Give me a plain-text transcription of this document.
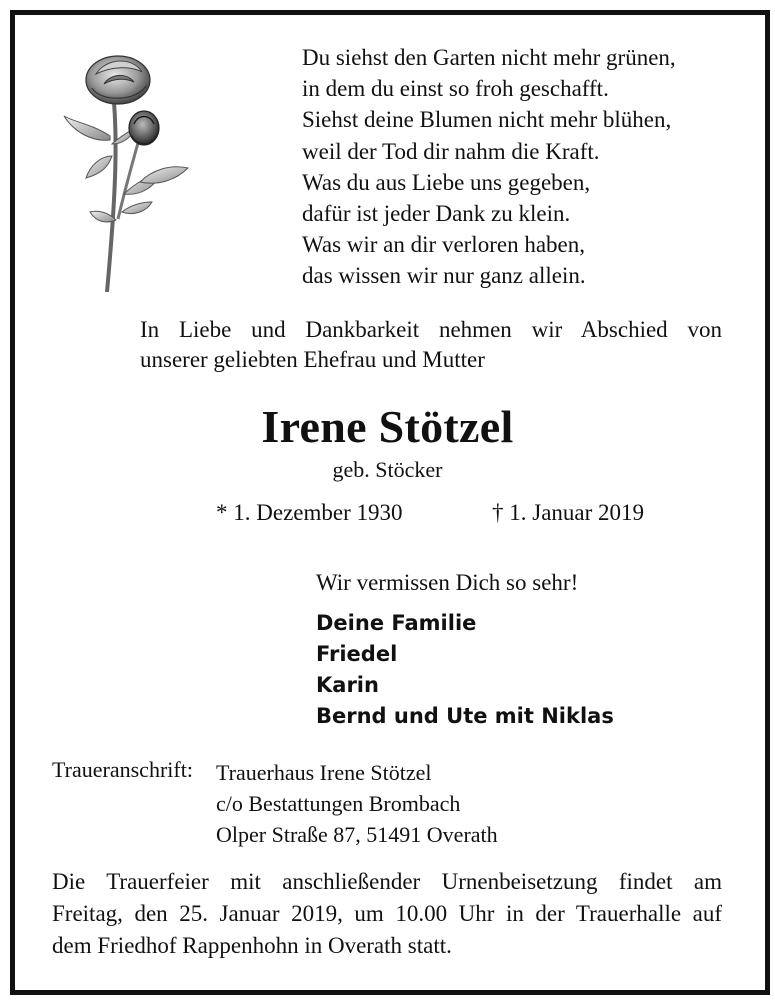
Du siehst den Garten nicht mehr grünen,
in dem du einst so froh geschafft.
Siehst deine Blumen nicht mehr blühen,
weil der Tod dir nahm die Kraft.
Was du aus Liebe uns gegeben,
dafür ist jeder Dank zu klein.
Was wir an dir verloren haben,
das wissen wir nur ganz allein.
In Liebe und Dankbarkeit nehmen wir Abschied von
unserer geliebten Ehefrau und Mutter
Irene Stötzel
geb. Stöcker
* 1. Dezember 1930	† 1. Januar 2019
Wir vermissen Dich so sehr!
Deine Familie
Friedel
Karin
Bernd und Ute mit Niklas
Traueranschrift: Trauerhaus Irene Stötzel
c/o Bestattungen Brombach
Olper Straße 87, 51491 Overath
Die Trauerfeier mit anschließender Urnenbeisetzung findet am
Freitag, den 25. Januar 2019, um 10.00 Uhr in der Trauerhalle auf
dem Friedhof Rappenhohn in Overath statt.
